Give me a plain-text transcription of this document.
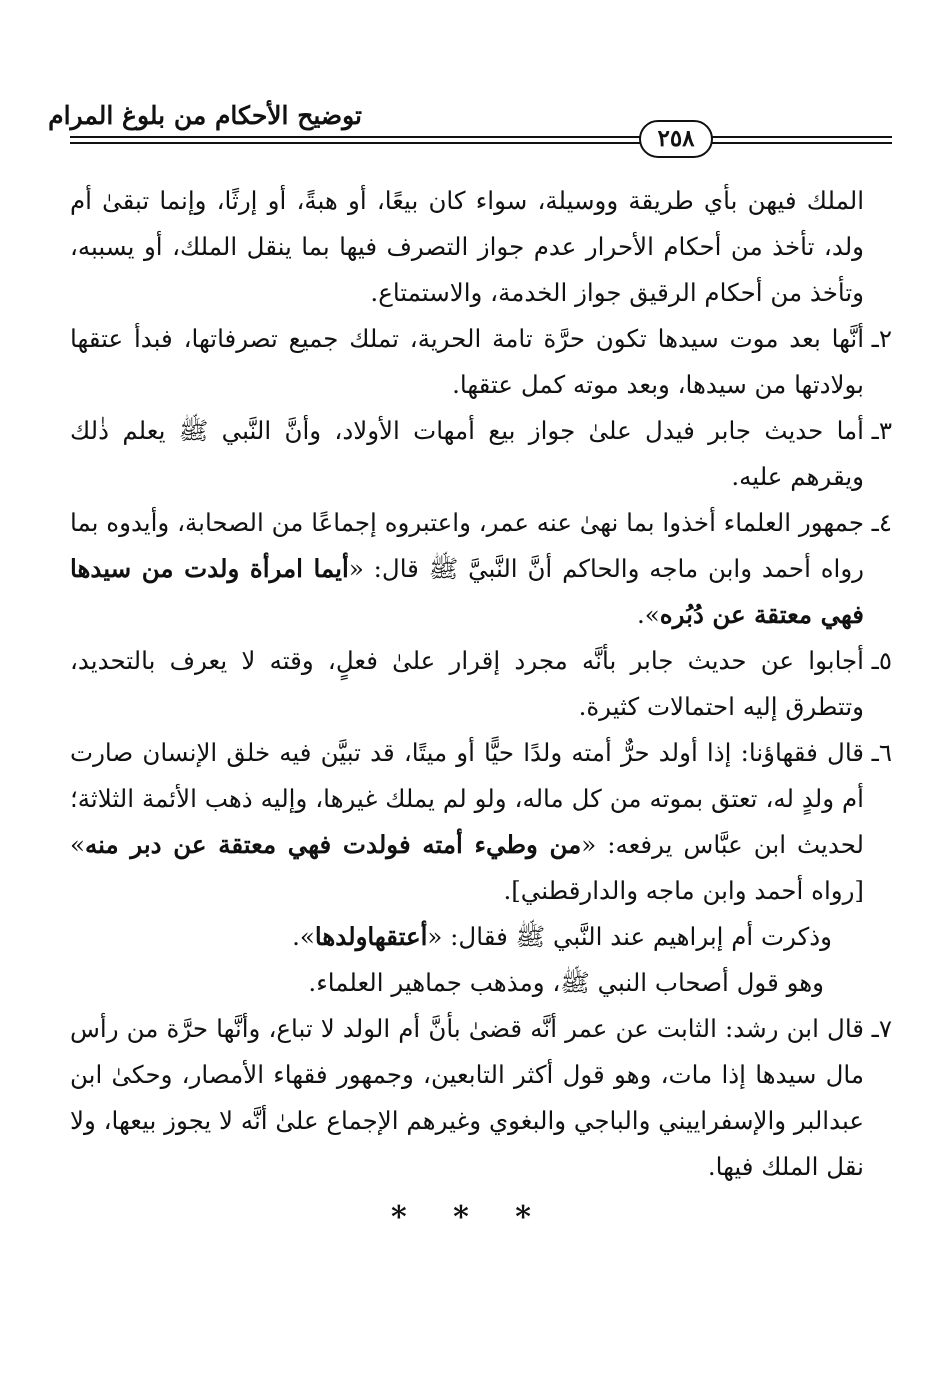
توضيح الأحكام من بلوغ المرام
٢٥٨

الملك فيهن بأي طريقة ووسيلة، سواء كان بيعًا، أو هبةً، أو إرثًا، وإنما تبقىٰ أم ولد، تأخذ من أحكام الأحرار عدم جواز التصرف فيها بما ينقل الملك، أو يسببه، وتأخذ من أحكام الرقيق جواز الخدمة، والاستمتاع.

٢ـ
أنَّها بعد موت سيدها تكون حرَّة تامة الحرية، تملك جميع تصرفاتها، فبدأ عتقها بولادتها من سيدها، وبعد موته كمل عتقها.
٣ـ
أما حديث جابر فيدل علىٰ جواز بيع أمهات الأولاد، وأنَّ النَّبي ﷺ يعلم ذٰلك ويقرهم عليه.
٤ـ
جمهور العلماء أخذوا بما نهىٰ عنه عمر، واعتبروه إجماعًا من الصحابة، وأيدوه بما رواه أحمد وابن ماجه والحاكم أنَّ النَّبيَّ ﷺ قال: «أيما امرأة ولدت من سيدها فهي معتقة عن دُبُره».
٥ـ
أجابوا عن حديث جابر بأنَّه مجرد إقرار علىٰ فعلٍ، وقته لا يعرف بالتحديد، وتتطرق إليه احتمالات كثيرة.
٦ـ
قال فقهاؤنا: إذا أولد حرٌّ أمته ولدًا حيًّا أو ميتًا، قد تبيَّن فيه خلق الإنسان صارت أم ولدٍ له، تعتق بموته من كل ماله، ولو لم يملك غيرها، وإليه ذهب الأئمة الثلاثة؛ لحديث ابن عبَّاس يرفعه: «من وطيء أمته فولدت فهي معتقة عن دبر منه» [رواه أحمد وابن ماجه والدارقطني].

وذكرت أم إبراهيم عند النَّبي ﷺ فقال: «أعتقهاولدها».

وهو قول أصحاب النبي ﷺ، ومذهب جماهير العلماء.

٧ـ
قال ابن رشد: الثابت عن عمر أنَّه قضىٰ بأنَّ أم الولد لا تباع، وأنَّها حرَّة من رأس مال سيدها إذا مات، وهو قول أكثر التابعين، وجمهور فقهاء الأمصار، وحكىٰ ابن عبدالبر والإسفراييني والباجي والبغوي وغيرهم الإجماع علىٰ أنَّه لا يجوز بيعها، ولا نقل الملك فيها.
* * *
